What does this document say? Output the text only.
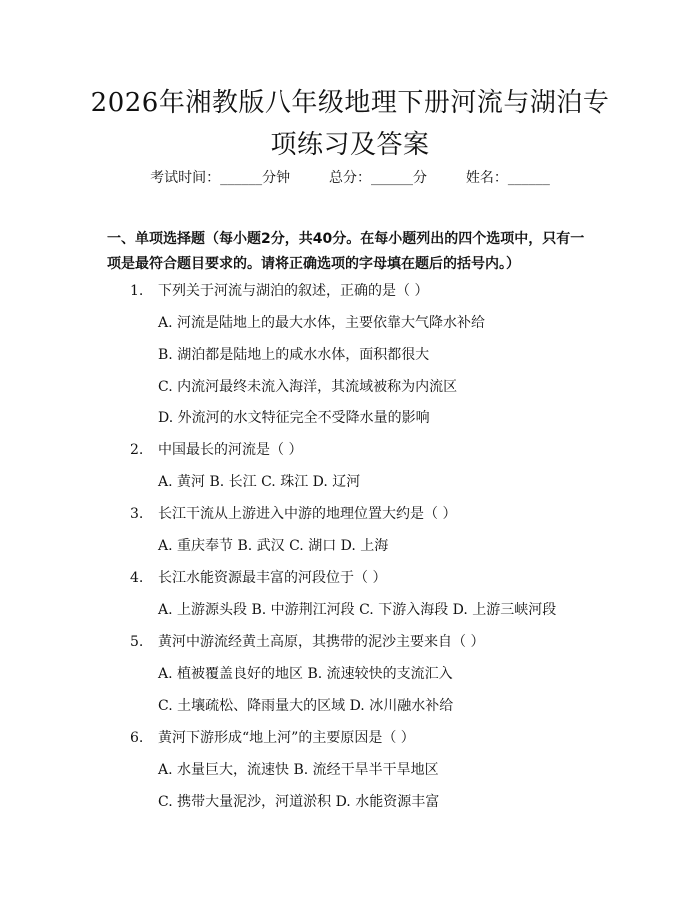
2026年湘教版八年级地理下册河流与湖泊专项练习及答案
考试时间：______分钟	总分：______分	姓名：______
一、单项选择题（每小题2分，共40分。在每小题列出的四个选项中，只有一项是最符合题目要求的。请将正确选项的字母填在题后的括号内。）
1. 下列关于河流与湖泊的叙述，正确的是（ ）
A. 河流是陆地上的最大水体，主要依靠大气降水补给
B. 湖泊都是陆地上的咸水水体，面积都很大
C. 内流河最终未流入海洋，其流域被称为内流区
D. 外流河的水文特征完全不受降水量的影响
2. 中国最长的河流是（ ）
A. 黄河 B. 长江 C. 珠江 D. 辽河
3. 长江干流从上游进入中游的地理位置大约是（ ）
A. 重庆奉节 B. 武汉 C. 湖口 D. 上海
4. 长江水能资源最丰富的河段位于（ ）
A. 上游源头段 B. 中游荆江河段 C. 下游入海段 D. 上游三峡河段
5. 黄河中游流经黄土高原，其携带的泥沙主要来自（ ）
A. 植被覆盖良好的地区 B. 流速较快的支流汇入
C. 土壤疏松、降雨量大的区域 D. 冰川融水补给
6. 黄河下游形成“地上河”的主要原因是（ ）
A. 水量巨大，流速快 B. 流经干旱半干旱地区
C. 携带大量泥沙，河道淤积 D. 水能资源丰富
